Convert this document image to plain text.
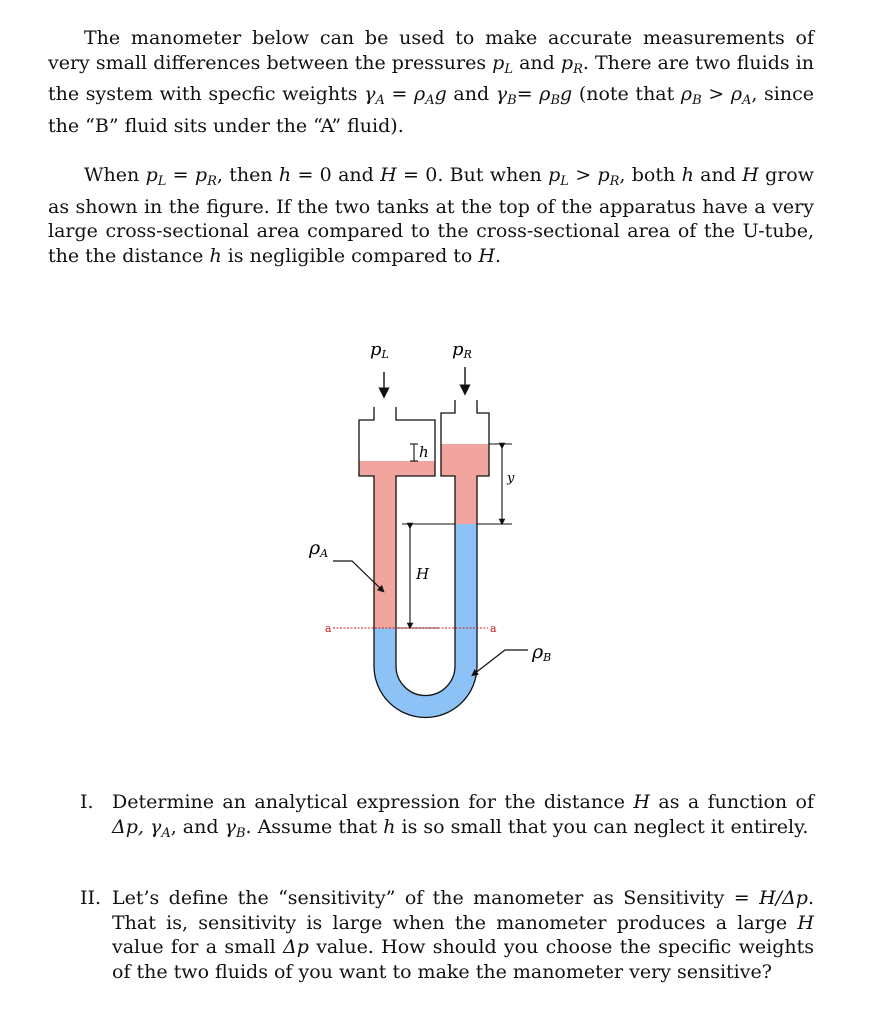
The manometer below can be used to make accurate measurements of very small differences between the pressures $p_L$ and $p_R$. There are two fluids in the system with specfic weights $\gamma_A = \rho_Ag$ and $\gamma_B= \rho_Bg$ (note that $\rho_B > \rho_A$, since the “B” fluid sits under the “A” fluid).

When $p_L = p_R$, then h = 0 and H = 0. But when $p_L > p_R$, both h and H grow as shown in the figure. If the two tanks at the top of the apparatus have a very large cross-sectional area compared to the cross-sectional area of the U-tube, the the distance h is negligible compared to H.

pL	pR
h
y
H
ρA
ρB
a	a
I. Determine an analytical expression for the distance H as a function of Δp, $\gamma_A$, and $\gamma_B$. Assume that h is so small that you can neglect it entirely.
II. Let’s define the “sensitivity” of the manometer as Sensitivity = H/Δp. That is, sensitivity is large when the manometer produces a large H value for a small Δp value. How should you choose the specific weights of the two fluids of you want to make the manometer very sensitive?
